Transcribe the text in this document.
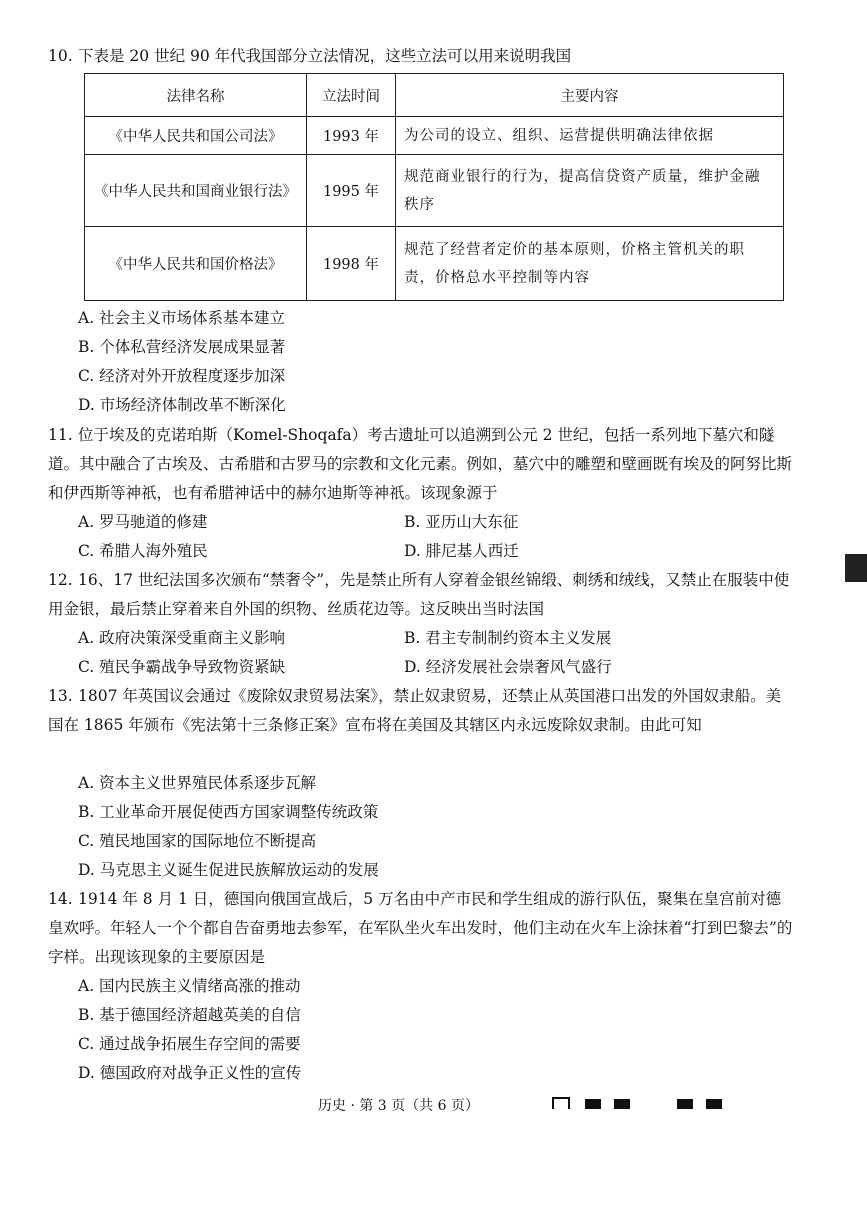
10. 下表是 20 世纪 90 年代我国部分立法情况，这些立法可以用来说明我国
法律名称	立法时间	主要内容
《中华人民共和国公司法》	1993 年	为公司的设立、组织、运营提供明确法律依据
《中华人民共和国商业银行法》	1995 年	规范商业银行的行为，提高信贷资产质量，维护金融秩序
《中华人民共和国价格法》	1998 年	规范了经营者定价的基本原则，价格主管机关的职责，价格总水平控制等内容
A. 社会主义市场体系基本建立
B. 个体私营经济发展成果显著
C. 经济对外开放程度逐步加深
D. 市场经济体制改革不断深化
11. 位于埃及的克诺珀斯（Komel-Shoqafa）考古遗址可以追溯到公元 2 世纪，包括一系列地下墓穴和隧道。其中融合了古埃及、古希腊和古罗马的宗教和文化元素。例如，墓穴中的雕塑和壁画既有埃及的阿努比斯和伊西斯等神祇，也有希腊神话中的赫尔迪斯等神祇。该现象源于
A. 罗马驰道的修建	B. 亚历山大东征
C. 希腊人海外殖民	D. 腓尼基人西迁
12. 16、17 世纪法国多次颁布“禁奢令”，先是禁止所有人穿着金银丝锦缎、刺绣和绒线，又禁止在服装中使用金银，最后禁止穿着来自外国的织物、丝质花边等。这反映出当时法国
A. 政府决策深受重商主义影响	B. 君主专制制约资本主义发展
C. 殖民争霸战争导致物资紧缺	D. 经济发展社会崇奢风气盛行
13. 1807 年英国议会通过《废除奴隶贸易法案》，禁止奴隶贸易，还禁止从英国港口出发的外国奴隶船。美国在 1865 年颁布《宪法第十三条修正案》宣布将在美国及其辖区内永远废除奴隶制。由此可知
A. 资本主义世界殖民体系逐步瓦解
B. 工业革命开展促使西方国家调整传统政策
C. 殖民地国家的国际地位不断提高
D. 马克思主义诞生促进民族解放运动的发展
14. 1914 年 8 月 1 日，德国向俄国宣战后，5 万名由中产市民和学生组成的游行队伍，聚集在皇宫前对德皇欢呼。年轻人一个个都自告奋勇地去参军，在军队坐火车出发时，他们主动在火车上涂抹着“打到巴黎去”的字样。出现该现象的主要原因是
A. 国内民族主义情绪高涨的推动
B. 基于德国经济超越英美的自信
C. 通过战争拓展生存空间的需要
D. 德国政府对战争正义性的宣传
历史 · 第 3 页（共 6 页）
